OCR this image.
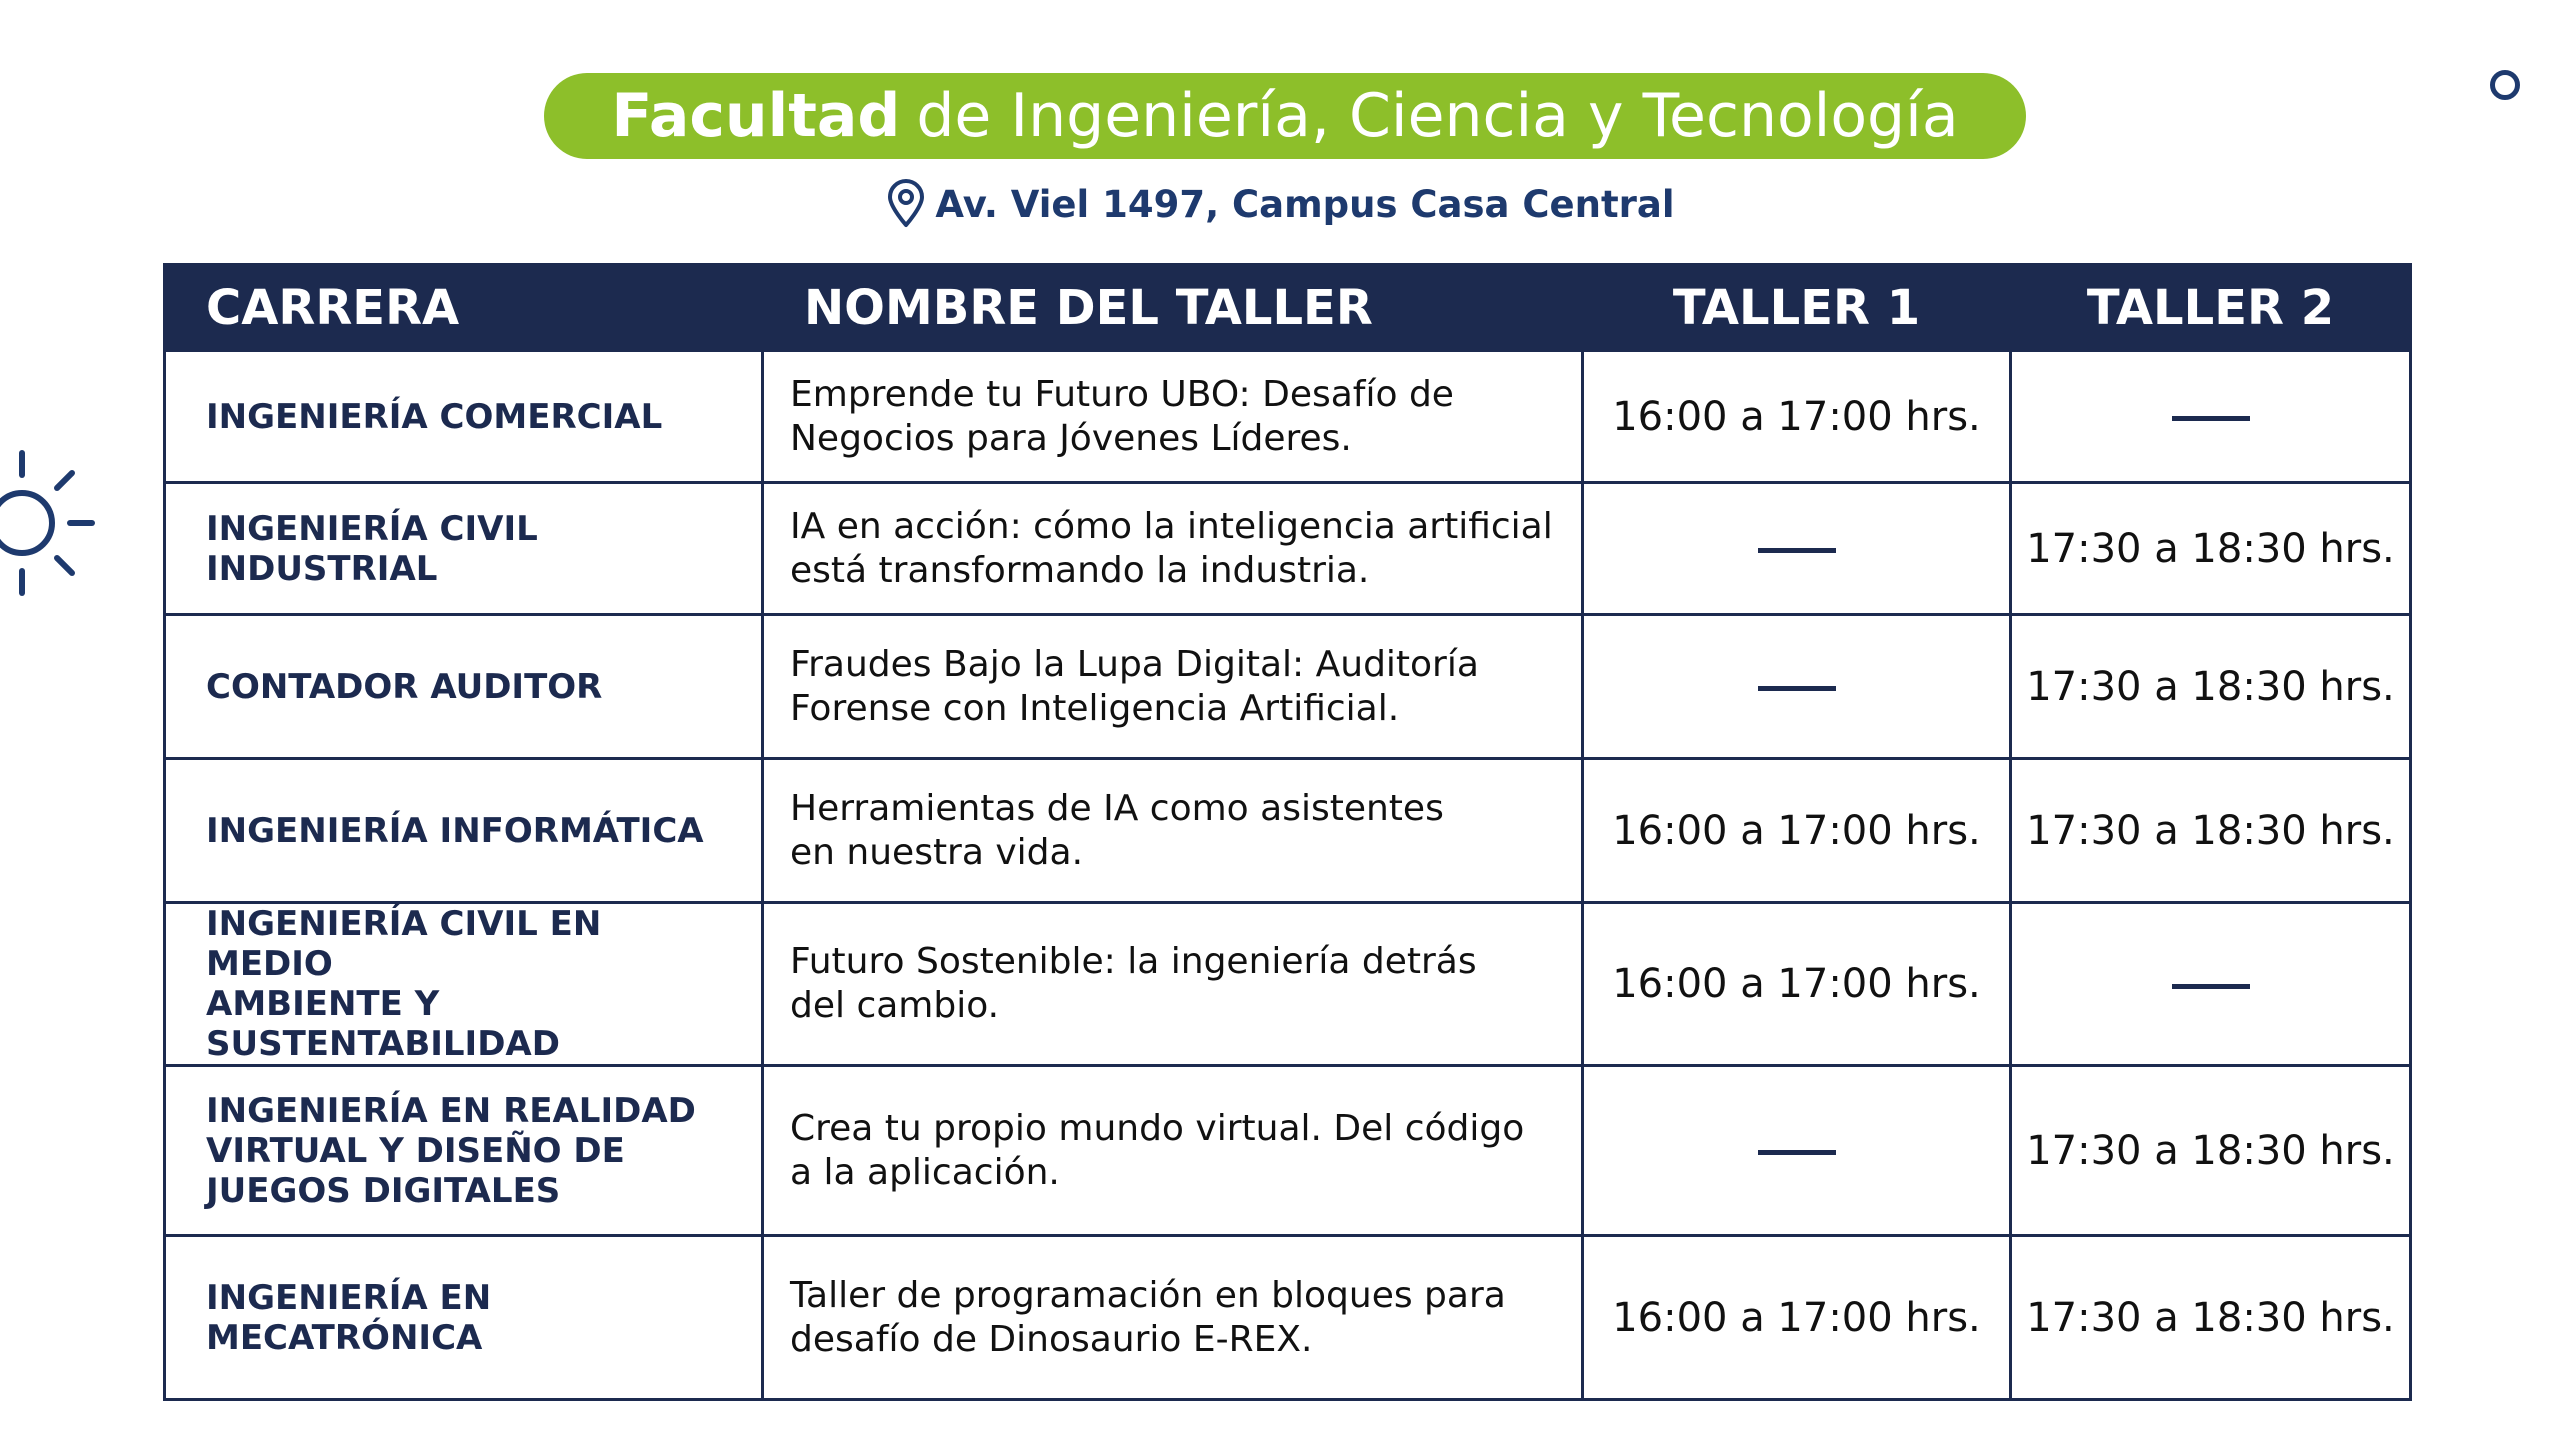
Facultad de Ingeniería, Ciencia y Tecnología
Av. Viel 1497, Campus Casa Central
CARRERA	NOMBRE DEL TALLER	TALLER 1	TALLER 2

INGENIERÍA COMERCIAL	Emprende tu Futuro UBO: Desafío de
Negocios para Jóvenes Líderes.	16:00 a 17:00 hrs.	

INGENIERÍA CIVIL INDUSTRIAL	IA en acción: cómo la inteligencia artificial
está transformando la industria.		17:30 a 18:30 hrs.

CONTADOR AUDITOR	Fraudes Bajo la Lupa Digital: Auditoría
Forense con Inteligencia Artificial.		17:30 a 18:30 hrs.

INGENIERÍA INFORMÁTICA	Herramientas de IA como asistentes
en nuestra vida.	16:00 a 17:00 hrs.	17:30 a 18:30 hrs.

INGENIERÍA CIVIL EN MEDIO
AMBIENTE Y SUSTENTABILIDAD	Futuro Sostenible: la ingeniería detrás
del cambio.	16:00 a 17:00 hrs.	

INGENIERÍA EN REALIDAD
VIRTUAL Y DISEÑO DE
JUEGOS DIGITALES	Crea tu propio mundo virtual. Del código
a la aplicación.		17:30 a 18:30 hrs.

INGENIERÍA EN MECATRÓNICA	Taller de programación en bloques para
desafío de Dinosaurio E-REX.	16:00 a 17:00 hrs.	17:30 a 18:30 hrs.
